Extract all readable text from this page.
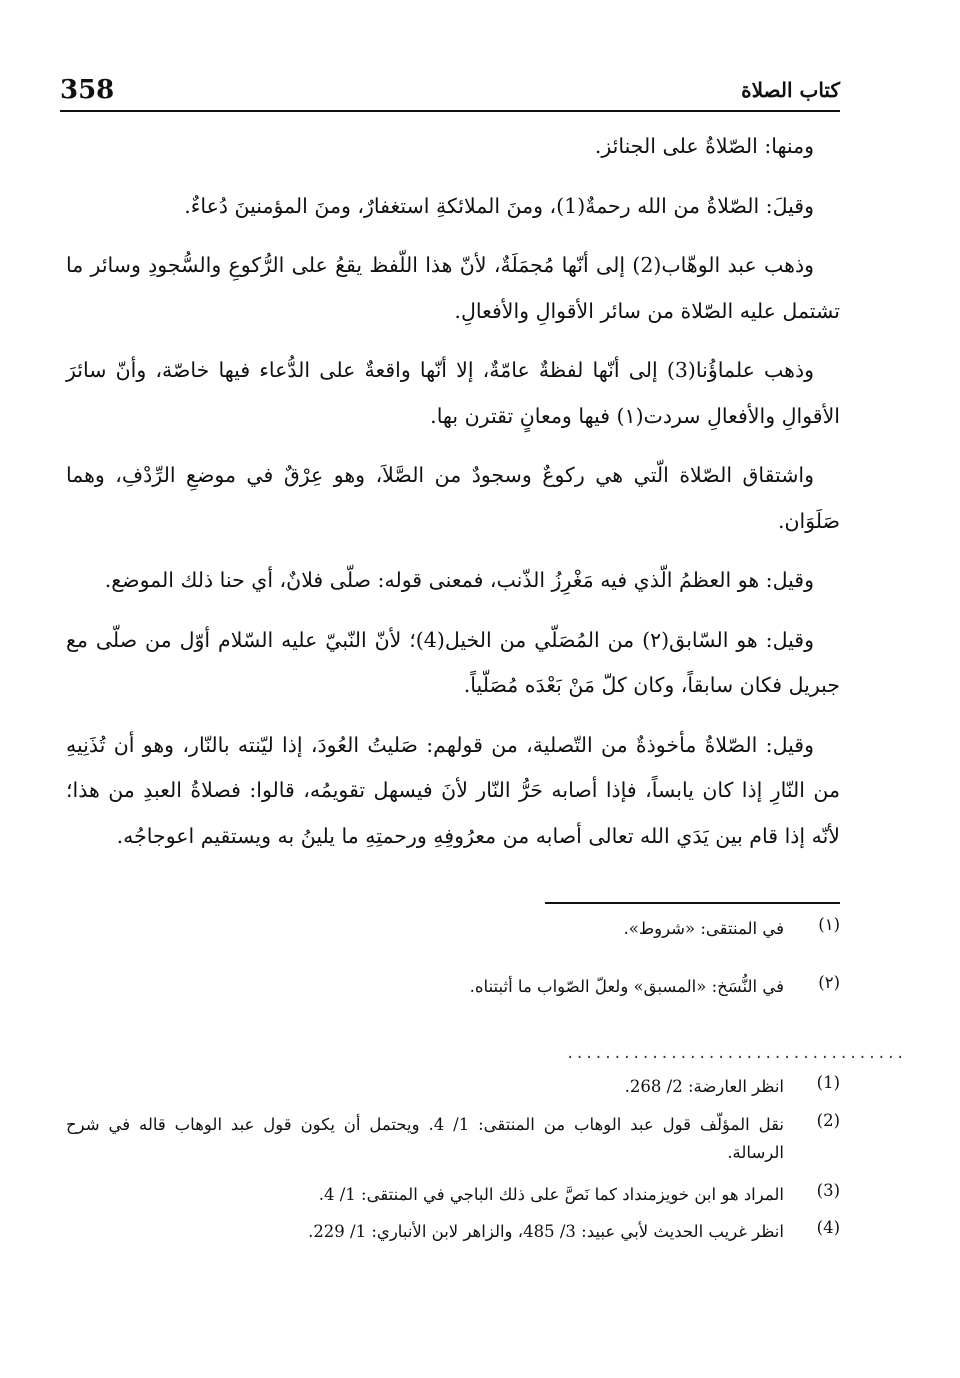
358	كتاب الصلاة

ومنها: الصّلاةُ على الجنائز.

وقيلَ: الصّلاةُ من الله رحمةٌ(1)، ومنَ الملائكةِ استغفارٌ، ومنَ المؤمنينَ دُعاءٌ.

وذهب عبد الوهّاب(2) إلى أنّها مُجمَلَةٌ، لأنّ هذا اللّفظ يقعُ على الرُّكوعِ والسُّجودِ وسائر ما تشتمل عليه الصّلاة من سائر الأقوالِ والأفعالِ.

وذهب علماؤُنا(3) إلى أنّها لفظةٌ عامّةٌ، إلا أنّها واقعةٌ على الدُّعاء فيها خاصّة، وأنّ سائرَ الأقوالِ والأفعالِ سردت(١) فيها ومعانٍ تقترن بها.

واشتقاق الصّلاة الّتي هي ركوعٌ وسجودٌ من الصَّلاَ، وهو عِرْقٌ في موضعِ الرِّدْفِ، وهما صَلَوَان.

وقيل: هو العظمُ الّذي فيه مَغْرِزُ الذّنب، فمعنى قوله: صلّى فلانٌ، أي حنا ذلك الموضع.

وقيل: هو السّابق(٢) من المُصَلّي من الخيل(4)؛ لأنّ النّبيّ عليه السّلام أوّل من صلّى مع جبريل فكان سابقاً، وكان كلّ مَنْ بَعْدَه مُصَلّياً.

وقيل: الصّلاةُ مأخوذةٌ من التّصلية، من قولهم: صَليتُ العُودَ، إذا ليّنته بالنّار، وهو أن تُذَنِيهِ من النّارِ إذا كان يابساً، فإذا أصابه حَرُّ النّار لأنَ فيسهل تقويمُه، قالوا: فصلاةُ العبدِ من هذا؛ لأنّه إذا قام بين يَدَي الله تعالى أصابه من معرُوفِهِ ورحمتِهِ ما يلينُ به ويستقيم اعوجاجُه.

(١)
في المنتقى: «شروط».
(٢)
في النُّسَخ: «المسبق» ولعلّ الصّواب ما أثبتناه.
....................................
(1)
انظر العارضة: 2/ 268.
(2)
نقل المؤلّف قول عبد الوهاب من المنتقى: 1/ 4. ويحتمل أن يكون قول عبد الوهاب قاله في شرح الرسالة.
(3)
المراد هو ابن خويزمنداد كما نَصَّ على ذلك الباجي في المنتقى: 1/ 4.
(4)
انظر غريب الحديث لأبي عبيد: 3/ 485، والزاهر لابن الأنباري: 1/ 229.
